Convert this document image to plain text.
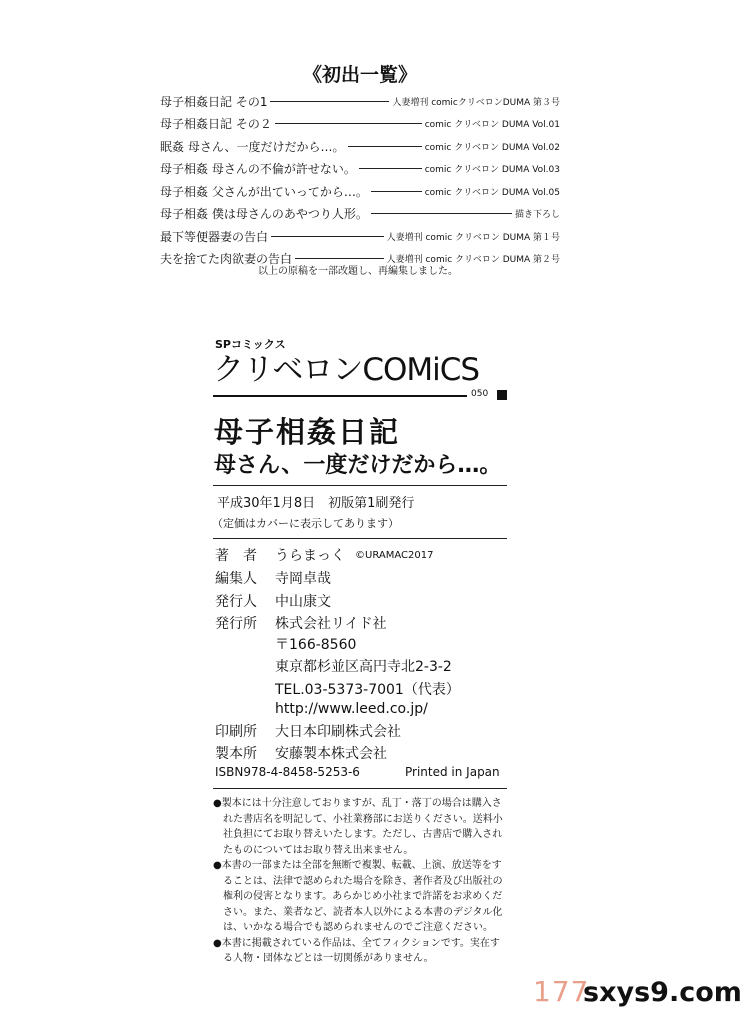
《初出一覧》
母子相姦日記 その1	人妻増刊 comicクリベロンDUMA 第３号
母子相姦日記 その２	comic クリベロン DUMA Vol.01
眠姦 母さん、一度だけだから…。	comic クリベロン DUMA Vol.02
母子相姦 母さんの不倫が許せない。	comic クリベロン DUMA Vol.03
母子相姦 父さんが出ていってから…。	comic クリベロン DUMA Vol.05
母子相姦 僕は母さんのあやつり人形。	描き下ろし
最下等便器妻の告白	人妻増刊 comic クリベロン DUMA 第１号
夫を捨てた肉欲妻の告白	人妻増刊 comic クリベロン DUMA 第２号
以上の原稿を一部改題し、再編集しました。
SPコミックス
クリベロンCOMiCS
050
母子相姦日記
母さん、一度だけだから…。
平成30年1月8日　初版第1刷発行
（定価はカバーに表示してあります）
著　者	うらまっく ©URAMAC2017
編集人	寺岡卓哉
発行人	中山康文
発行所	株式会社リイド社
〒166-8560
東京都杉並区高円寺北2-3-2
TEL.03-5373-7001（代表）
http://www.leed.co.jp/
印刷所	大日本印刷株式会社
製本所	安藤製本株式会社
ISBN978-4-8458-5253-6	Printed in Japan

●製本には十分注意しておりますが、乱丁・落丁の場合は購入された書店名を明記して、小社業務部にお送りください。送料小社負担にてお取り替えいたします。ただし、古書店で購入されたものについてはお取り替え出来ません。

●本書の一部または全部を無断で複製、転載、上演、放送等をすることは、法律で認められた場合を除き、著作者及び出版社の権利の侵害となります。あらかじめ小社まで許諾をお求めください。また、業者など、読者本人以外による本書のデジタル化は、いかなる場合でも認められませんのでご注意ください。

●本書に掲載されている作品は、全てフィクションです。実在する人物・団体などとは一切関係がありません。

177
sxys9.com
